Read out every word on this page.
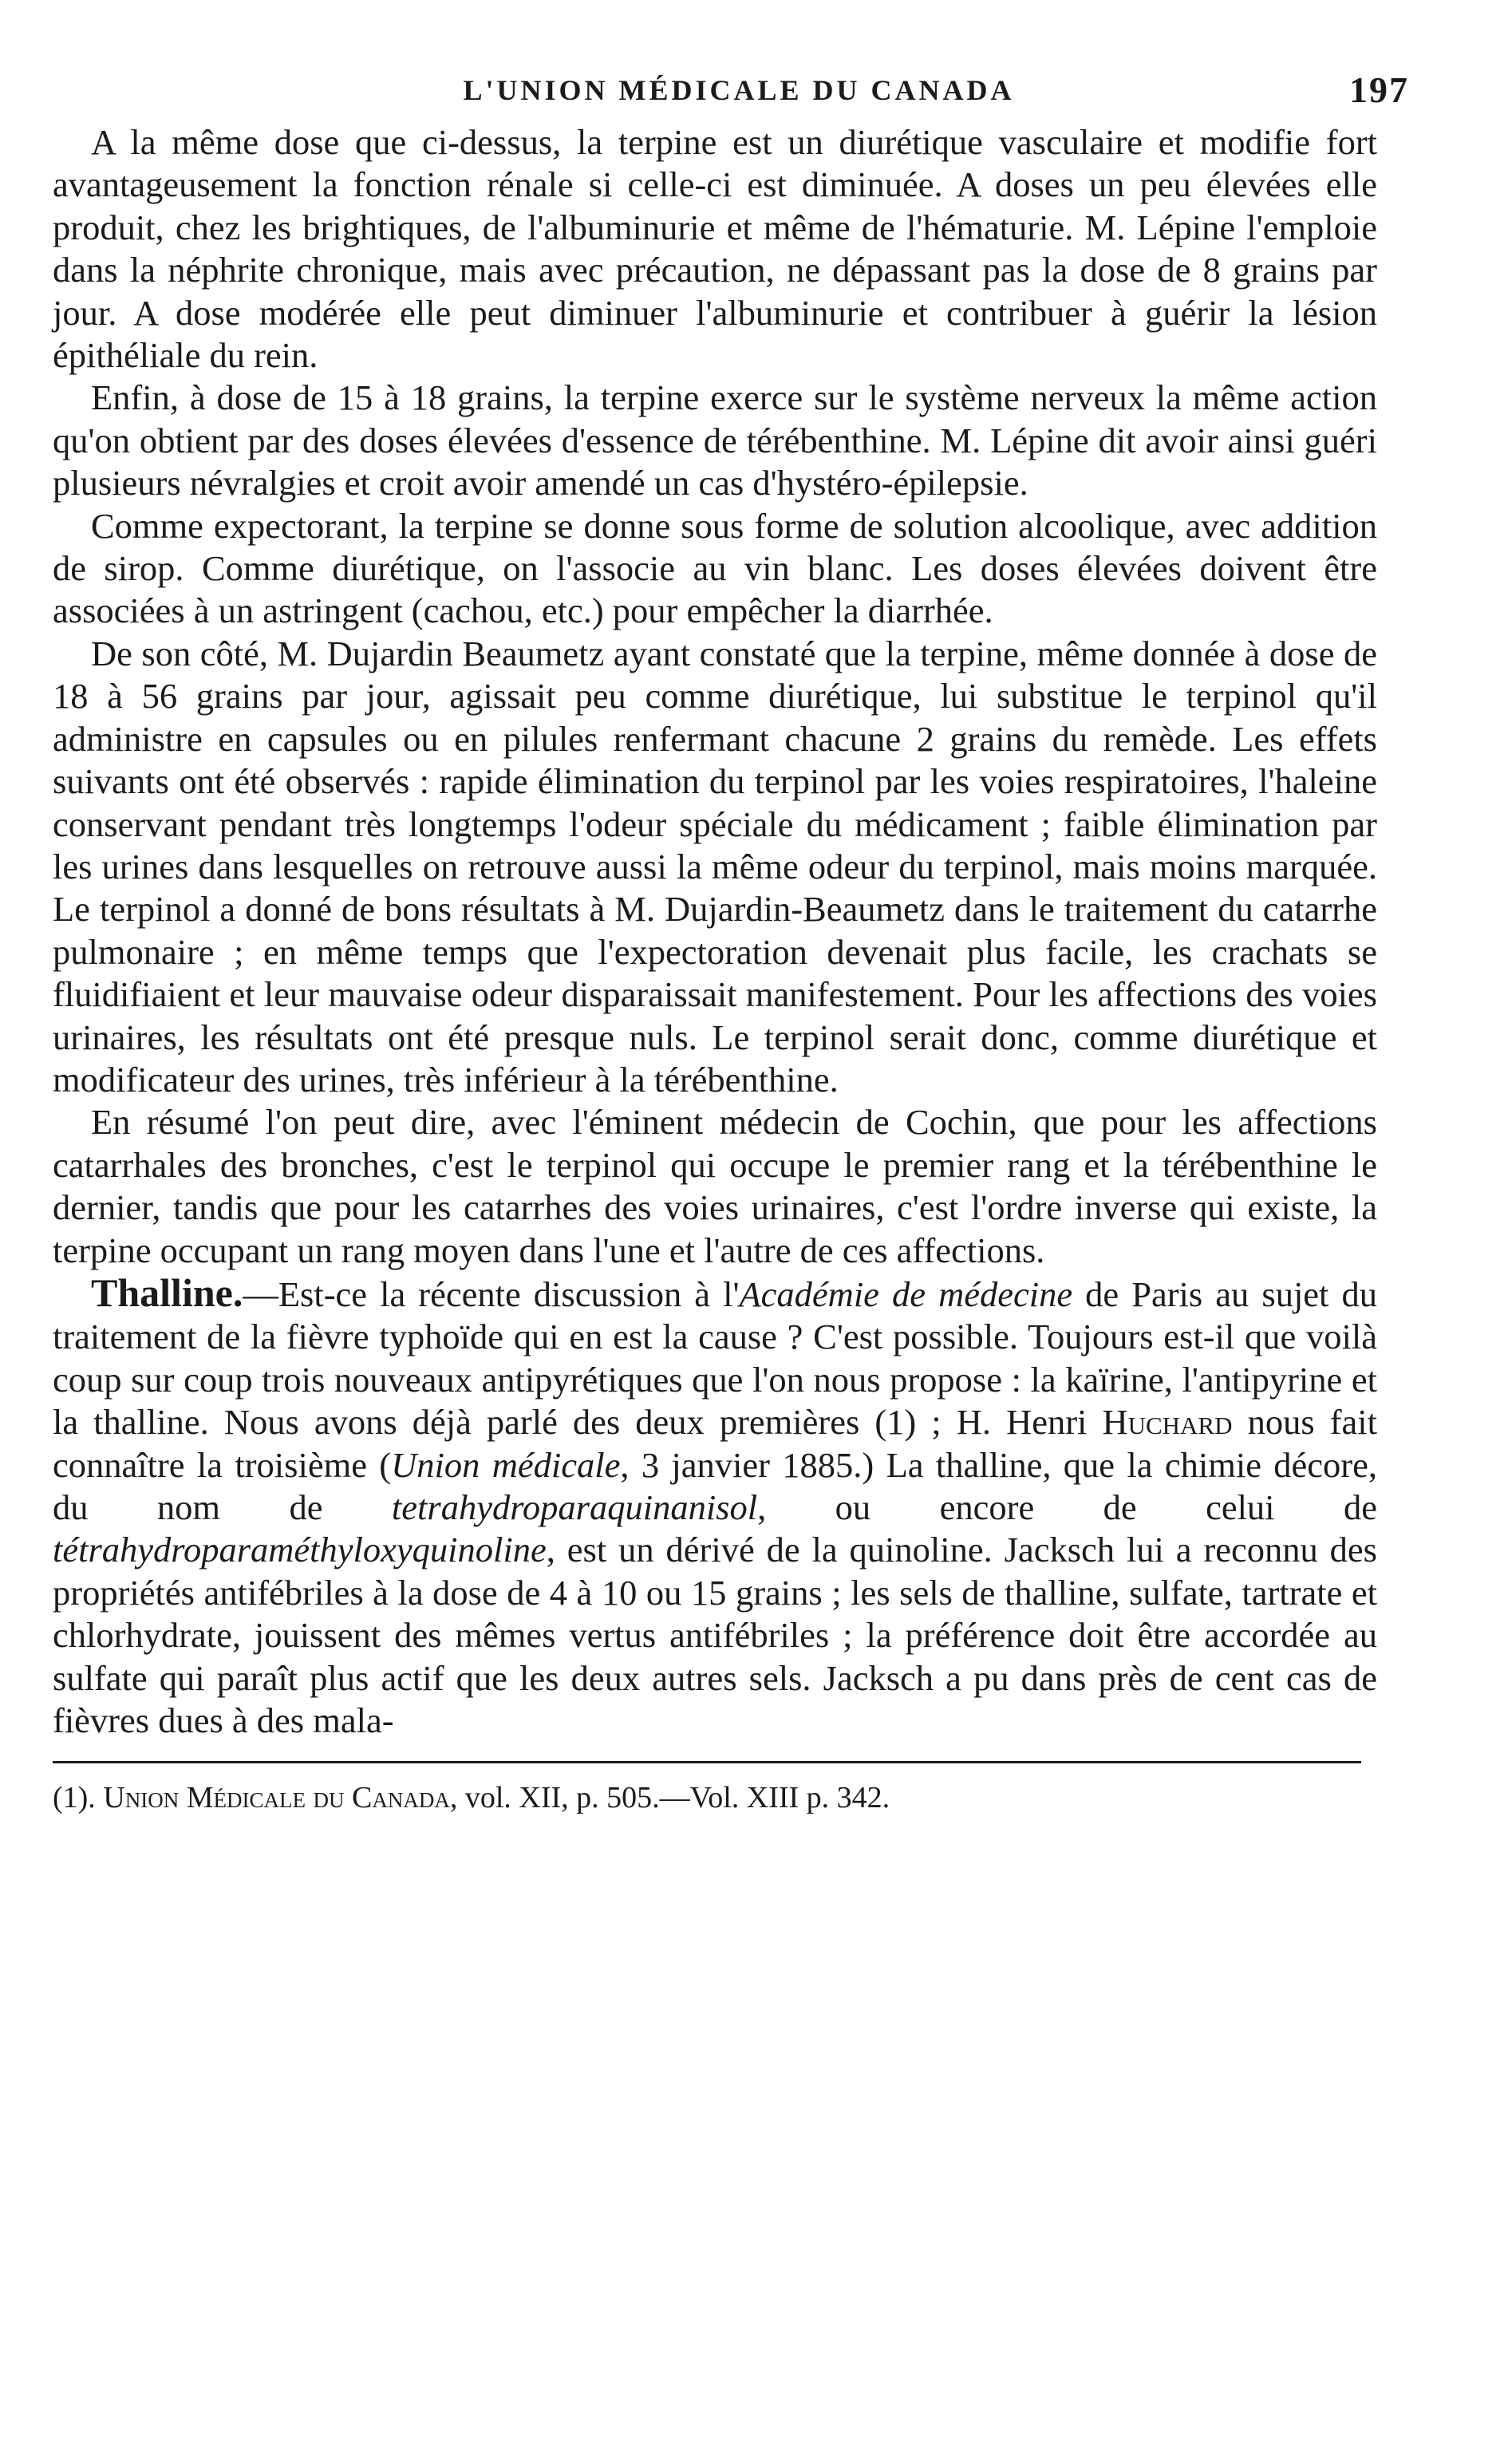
L'UNION MÉDICALE DU CANADA	197

A la même dose que ci-dessus, la terpine est un diurétique vasculaire et modifie fort avantageusement la fonction rénale si celle-ci est diminuée. A doses un peu élevées elle produit, chez les brightiques, de l'albuminurie et même de l'hématurie. M. Lépine l'emploie dans la néphrite chronique, mais avec précaution, ne dépassant pas la dose de 8 grains par jour. A dose modérée elle peut diminuer l'albuminurie et contribuer à guérir la lésion épithéliale du rein.

Enfin, à dose de 15 à 18 grains, la terpine exerce sur le système nerveux la même action qu'on obtient par des doses élevées d'essence de térébenthine. M. Lépine dit avoir ainsi guéri plusieurs névralgies et croit avoir amendé un cas d'hystéro-épilepsie.

Comme expectorant, la terpine se donne sous forme de solution alcoolique, avec addition de sirop. Comme diurétique, on l'associe au vin blanc. Les doses élevées doivent être associées à un astringent (cachou, etc.) pour empêcher la diarrhée.

De son côté, M. Dujardin Beaumetz ayant constaté que la terpine, même donnée à dose de 18 à 56 grains par jour, agissait peu comme diurétique, lui substitue le terpinol qu'il administre en capsules ou en pilules renfermant chacune 2 grains du remède. Les effets suivants ont été observés : rapide élimination du terpinol par les voies respiratoires, l'haleine conservant pendant très longtemps l'odeur spéciale du médicament ; faible élimination par les urines dans lesquelles on retrouve aussi la même odeur du terpinol, mais moins marquée. Le terpinol a donné de bons résultats à M. Dujardin-Beaumetz dans le traitement du catarrhe pulmonaire ; en même temps que l'expectoration devenait plus facile, les crachats se fluidifiaient et leur mauvaise odeur disparaissait manifestement. Pour les affections des voies urinaires, les résultats ont été presque nuls. Le terpinol serait donc, comme diurétique et modificateur des urines, très inférieur à la térébenthine.

En résumé l'on peut dire, avec l'éminent médecin de Cochin, que pour les affections catarrhales des bronches, c'est le terpinol qui occupe le premier rang et la térébenthine le dernier, tandis que pour les catarrhes des voies urinaires, c'est l'ordre inverse qui existe, la terpine occupant un rang moyen dans l'une et l'autre de ces affections.

Thalline.—Est-ce la récente discussion à l'Académie de médecine de Paris au sujet du traitement de la fièvre typhoïde qui en est la cause ? C'est possible. Toujours est-il que voilà coup sur coup trois nouveaux antipyrétiques que l'on nous propose : la kaïrine, l'antipyrine et la thalline. Nous avons déjà parlé des deux premières (1) ; H. Henri Huchard nous fait connaître la troisième (Union médicale, 3 janvier 1885.) La thalline, que la chimie décore, du nom de tetrahydroparaquinanisol, ou encore de celui de tétrahydroparaméthyloxyquinoline, est un dérivé de la quinoline. Jacksch lui a reconnu des propriétés antifébriles à la dose de 4 à 10 ou 15 grains ; les sels de thalline, sulfate, tartrate et chlorhydrate, jouissent des mêmes vertus antifébriles ; la préférence doit être accordée au sulfate qui paraît plus actif que les deux autres sels. Jacksch a pu dans près de cent cas de fièvres dues à des mala-

(1). Union Médicale du Canada, vol. XII, p. 505.—Vol. XIII p. 342.
